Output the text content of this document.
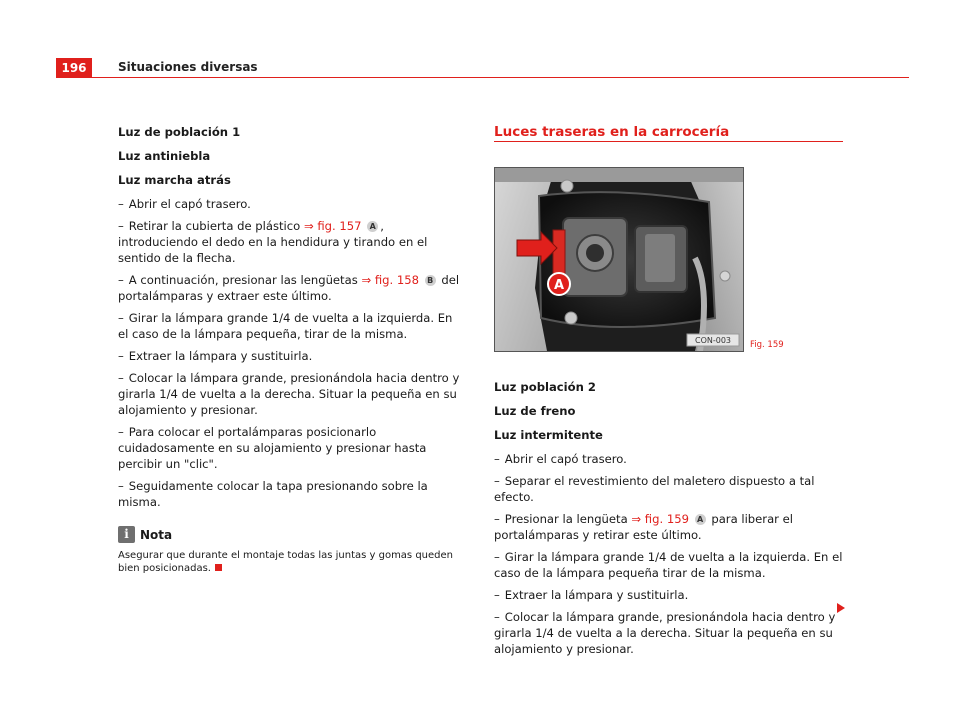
196	Situaciones diversas
Luz de población 1
Luz antiniebla
Luz marcha atrás
– Abrir el capó trasero.
– Retirar la cubierta de plástico ⇒ fig. 157 A , introduciendo el dedo en la hendidura y tirando en el sentido de la flecha.
– A continuación, presionar las lengüetas ⇒ fig. 158 B del portalámparas y extraer este último.
– Girar la lámpara grande 1/4 de vuelta a la izquierda. En el caso de la lámpara pequeña, tirar de la misma.
– Extraer la lámpara y sustituirla.
– Colocar la lámpara grande, presionándola hacia dentro y girarla 1/4 de vuelta a la derecha. Situar la pequeña en su alojamiento y presionar.
– Para colocar el portalámparas posicionarlo cuidadosamente en su alojamiento y presionar hasta percibir un "clic".
– Seguidamente colocar la tapa presionando sobre la misma.
i Nota
Asegurar que durante el montaje todas las juntas y gomas queden bien posicionadas.
Luces traseras en la carrocería
A
CON-003 Fig. 159
Luz población 2
Luz de freno
Luz intermitente
– Abrir el capó trasero.
– Separar el revestimiento del maletero dispuesto a tal efecto.
– Presionar la lengüeta ⇒ fig. 159 A para liberar el portalámparas y retirar este último.
– Girar la lámpara grande 1/4 de vuelta a la izquierda. En el caso de la lámpara pequeña tirar de la misma.
– Extraer la lámpara y sustituirla.
– Colocar la lámpara grande, presionándola hacia dentro y girarla 1/4 de vuelta a la derecha. Situar la pequeña en su alojamiento y presionar.
